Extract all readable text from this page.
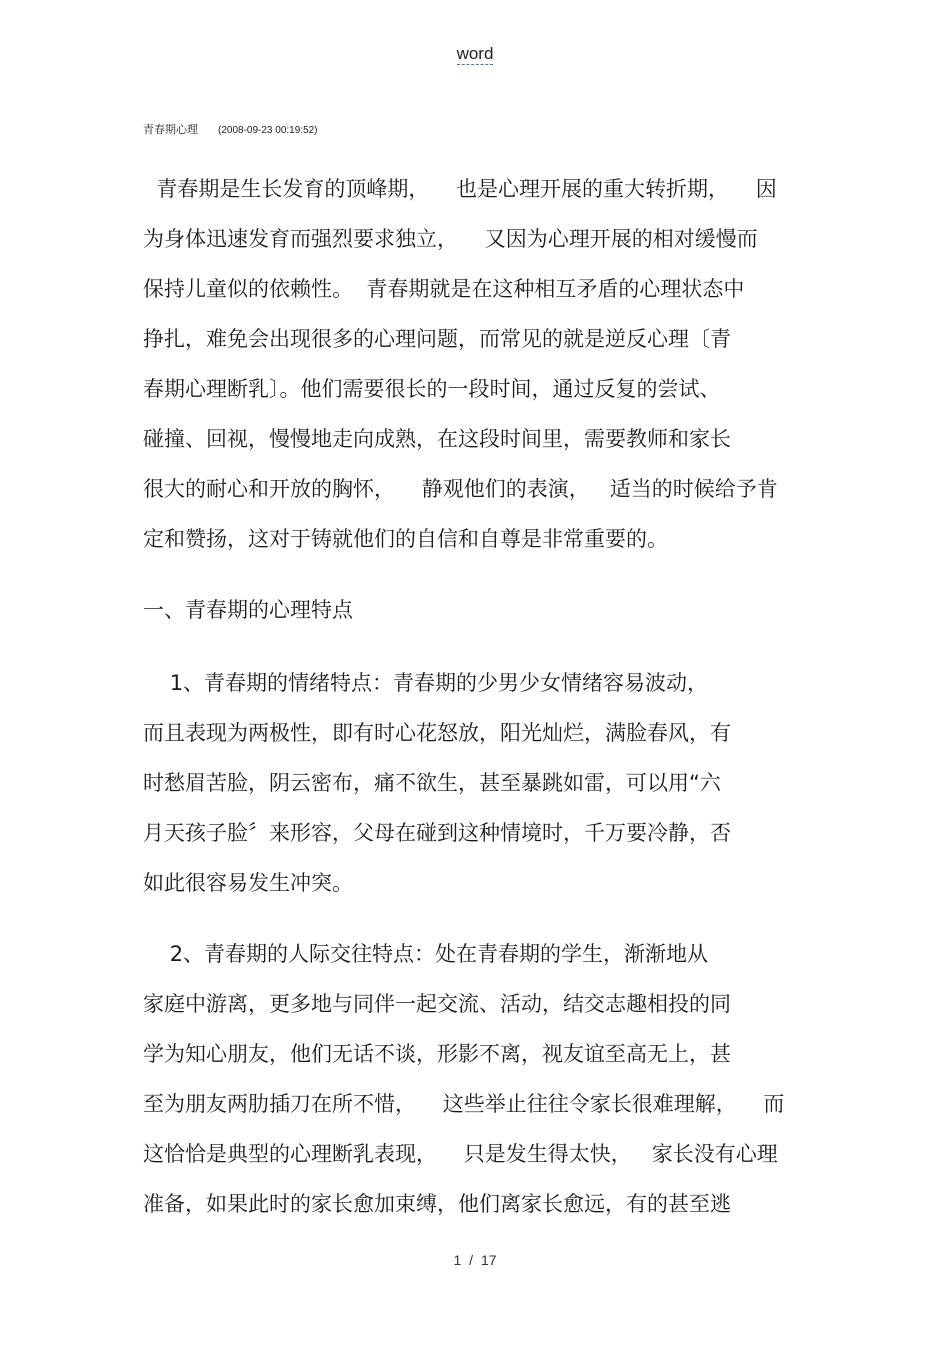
word
青春期心理 (2008-09-23 00:19:52)
青春期是生长发育的顶峰期，    也是心理开展的重大转折期，    因
为身体迅速发育而强烈要求独立，    又因为心理开展的相对缓慢而
保持儿童似的依赖性。  青春期就是在这种相互矛盾的心理状态中
挣扎，难免会出现很多的心理问题，而常见的就是逆反心理〔青
春期心理断乳〕。他们需要很长的一段时间，通过反复的尝试、
碰撞、回视，慢慢地走向成熟，在这段时间里，需要教师和家长
很大的耐心和开放的胸怀，    静观他们的表演，   适当的时候给予肯
定和赞扬，这对于铸就他们的自信和自尊是非常重要的。
一、青春期的心理特点
1、青春期的情绪特点：青春期的少男少女情绪容易波动，
而且表现为两极性，即有时心花怒放，阳光灿烂，满脸春风，有
时愁眉苦脸，阴云密布，痛不欲生，甚至暴跳如雷，可以用“六
月天孩子脸〞来形容，父母在碰到这种情境时，千万要冷静，否
如此很容易发生冲突。
2、青春期的人际交往特点：处在青春期的学生，渐渐地从
家庭中游离，更多地与同伴一起交流、活动，结交志趣相投的同
学为知心朋友，他们无话不谈，形影不离，视友谊至高无上，甚
至为朋友两肋插刀在所不惜，    这些举止往往令家长很难理解，    而
这恰恰是典型的心理断乳表现，    只是发生得太快，   家长没有心理
准备，如果此时的家长愈加束缚，他们离家长愈远，有的甚至逃
1 / 17
